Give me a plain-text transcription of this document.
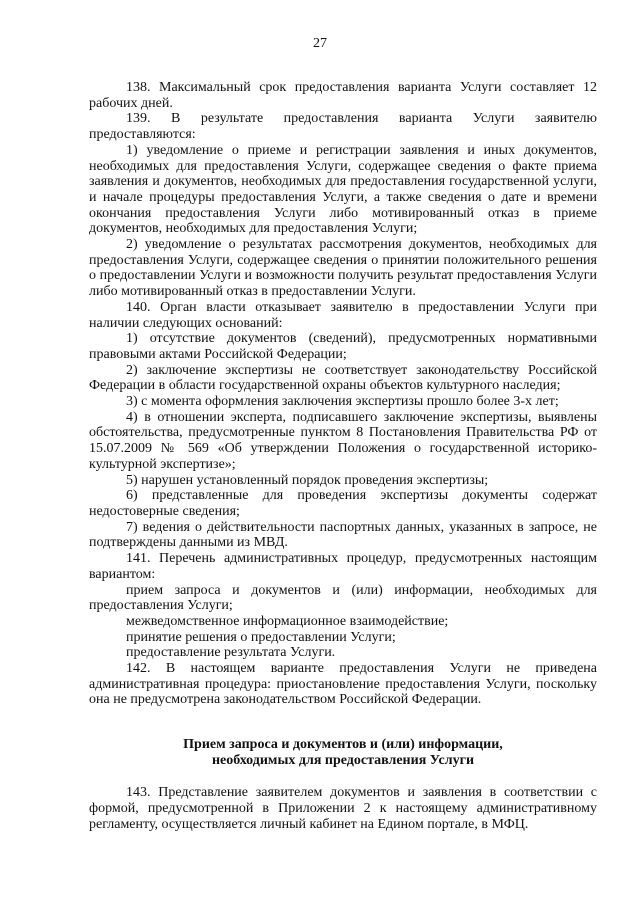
27

138. Максимальный срок предоставления варианта Услуги составляет 12 рабочих дней.

139. В результате предоставления варианта Услуги заявителю предоставляются:

1) уведомление о приеме и регистрации заявления и иных документов, необходимых для предоставления Услуги, содержащее сведения о факте приема заявления и документов, необходимых для предоставления государственной услуги, и начале процедуры предоставления Услуги, а также сведения о дате и времени окончания предоставления Услуги либо мотивированный отказ в приеме документов, необходимых для предоставления Услуги;

2) уведомление о результатах рассмотрения документов, необходимых для предоставления Услуги, содержащее сведения о принятии положительного решения о предоставлении Услуги и возможности получить результат предоставления Услуги либо мотивированный отказ в предоставлении Услуги.

140. Орган власти отказывает заявителю в предоставлении Услуги при наличии следующих оснований:

1) отсутствие документов (сведений), предусмотренных нормативными правовыми актами Российской Федерации;

2) заключение экспертизы не соответствует законодательству Российской Федерации в области государственной охраны объектов культурного наследия;

3) с момента оформления заключения экспертизы прошло более 3-х лет;

4) в отношении эксперта, подписавшего заключение экспертизы, выявлены обстоятельства, предусмотренные пунктом 8 Постановления Правительства РФ от 15.07.2009 № 569 «Об утверждении Положения о государственной историко-культурной экспертизе»;

5) нарушен установленный порядок проведения экспертизы;

6) представленные для проведения экспертизы документы содержат недостоверные сведения;

7) ведения о действительности паспортных данных, указанных в запросе, не подтверждены данными из МВД.

141. Перечень административных процедур, предусмотренных настоящим вариантом:

прием запроса и документов и (или) информации, необходимых для предоставления Услуги;

межведомственное информационное взаимодействие;

принятие решения о предоставлении Услуги;

предоставление результата Услуги.

142. В настоящем варианте предоставления Услуги не приведена административная процедура: приостановление предоставления Услуги, поскольку она не предусмотрена законодательством Российской Федерации.

Прием запроса и документов и (или) информации,
необходимых для предоставления Услуги

143. Представление заявителем документов и заявления в соответствии с формой, предусмотренной в Приложении 2 к настоящему административному регламенту, осуществляется личный кабинет на Едином портале, в МФЦ.
